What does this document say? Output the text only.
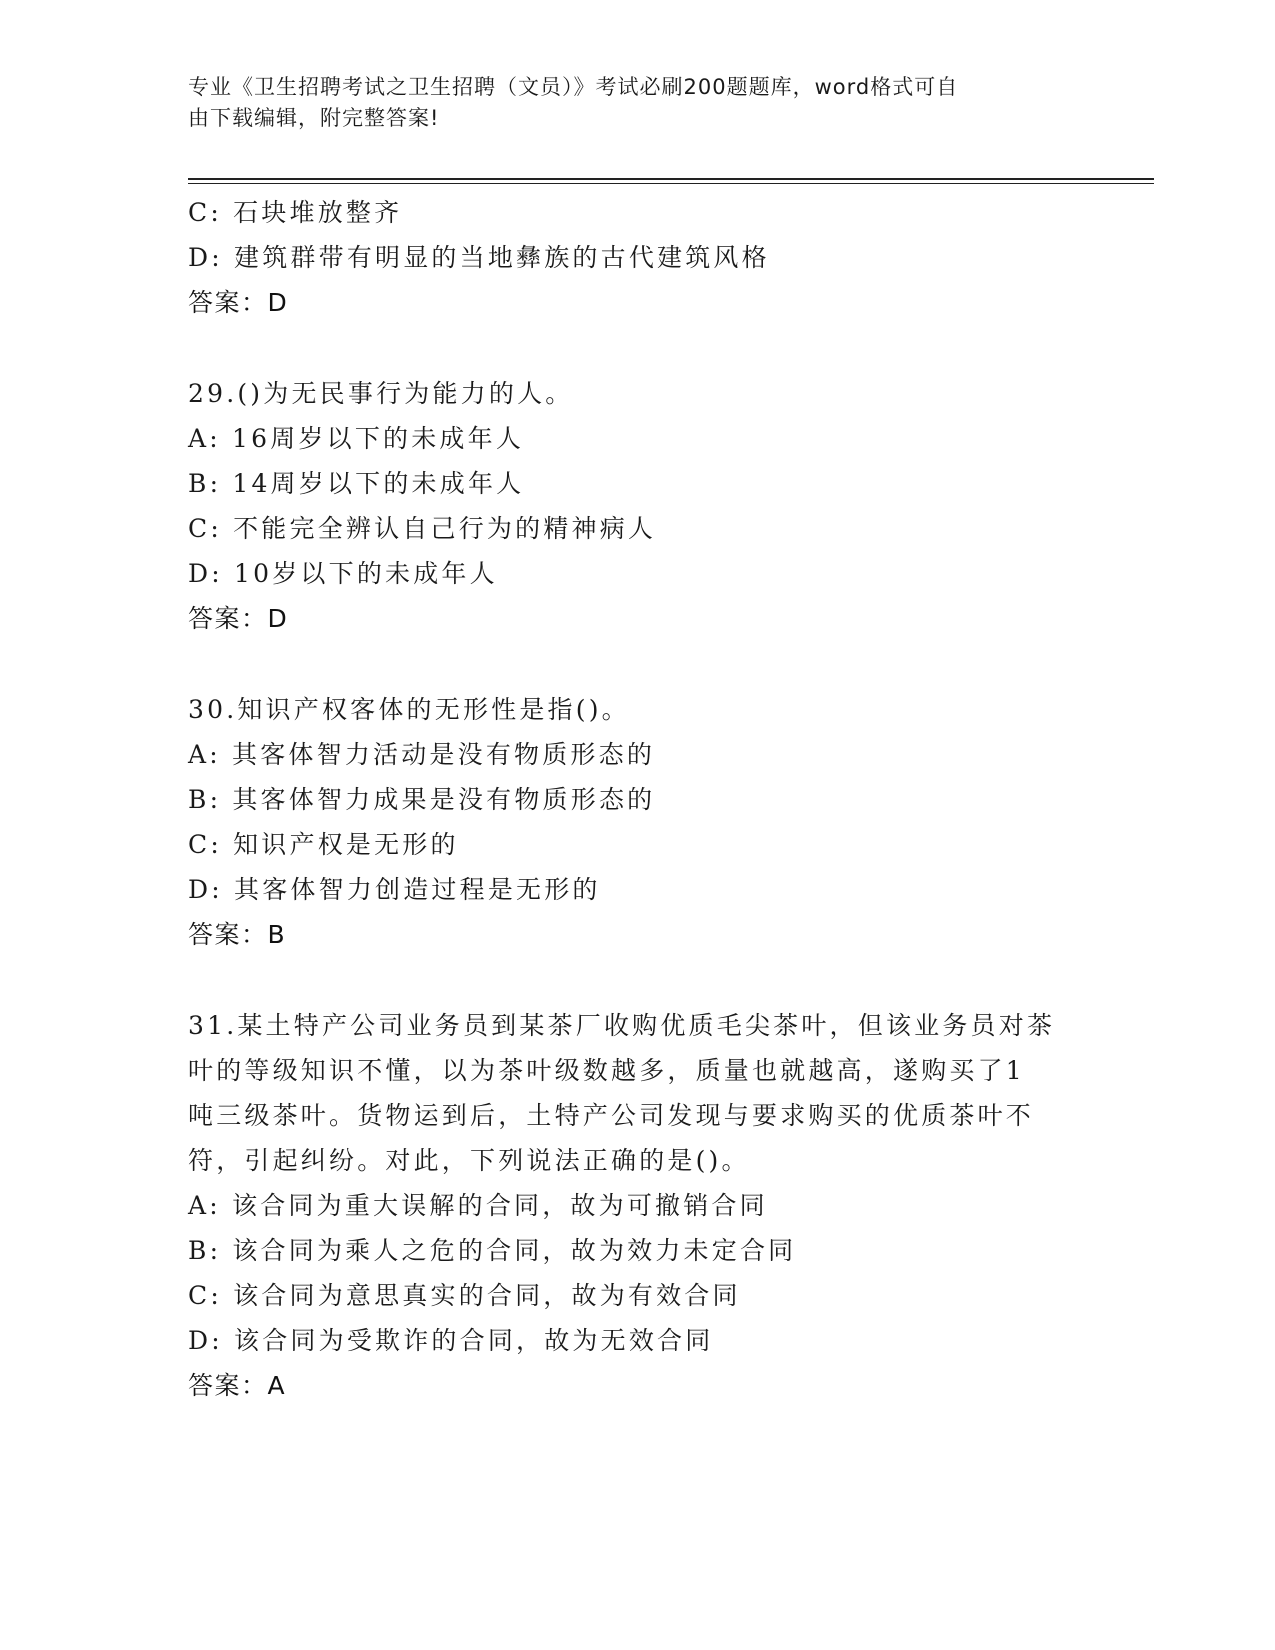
专业《卫生招聘考试之卫生招聘（文员）》考试必刷200题题库，word格式可自
由下载编辑，附完整答案!
C: 石块堆放整齐
D: 建筑群带有明显的当地彝族的古代建筑风格
答案：D
29.()为无民事行为能力的人。
A: 16周岁以下的未成年人
B: 14周岁以下的未成年人
C: 不能完全辨认自己行为的精神病人
D: 10岁以下的未成年人
答案：D
30.知识产权客体的无形性是指()。
A: 其客体智力活动是没有物质形态的
B: 其客体智力成果是没有物质形态的
C: 知识产权是无形的
D: 其客体智力创造过程是无形的
答案：B
31.某土特产公司业务员到某茶厂收购优质毛尖茶叶，但该业务员对茶
叶的等级知识不懂，以为茶叶级数越多，质量也就越高，遂购买了1
吨三级茶叶。货物运到后，土特产公司发现与要求购买的优质茶叶不
符，引起纠纷。对此，下列说法正确的是()。
A: 该合同为重大误解的合同，故为可撤销合同
B: 该合同为乘人之危的合同，故为效力未定合同
C: 该合同为意思真实的合同，故为有效合同
D: 该合同为受欺诈的合同，故为无效合同
答案：A
